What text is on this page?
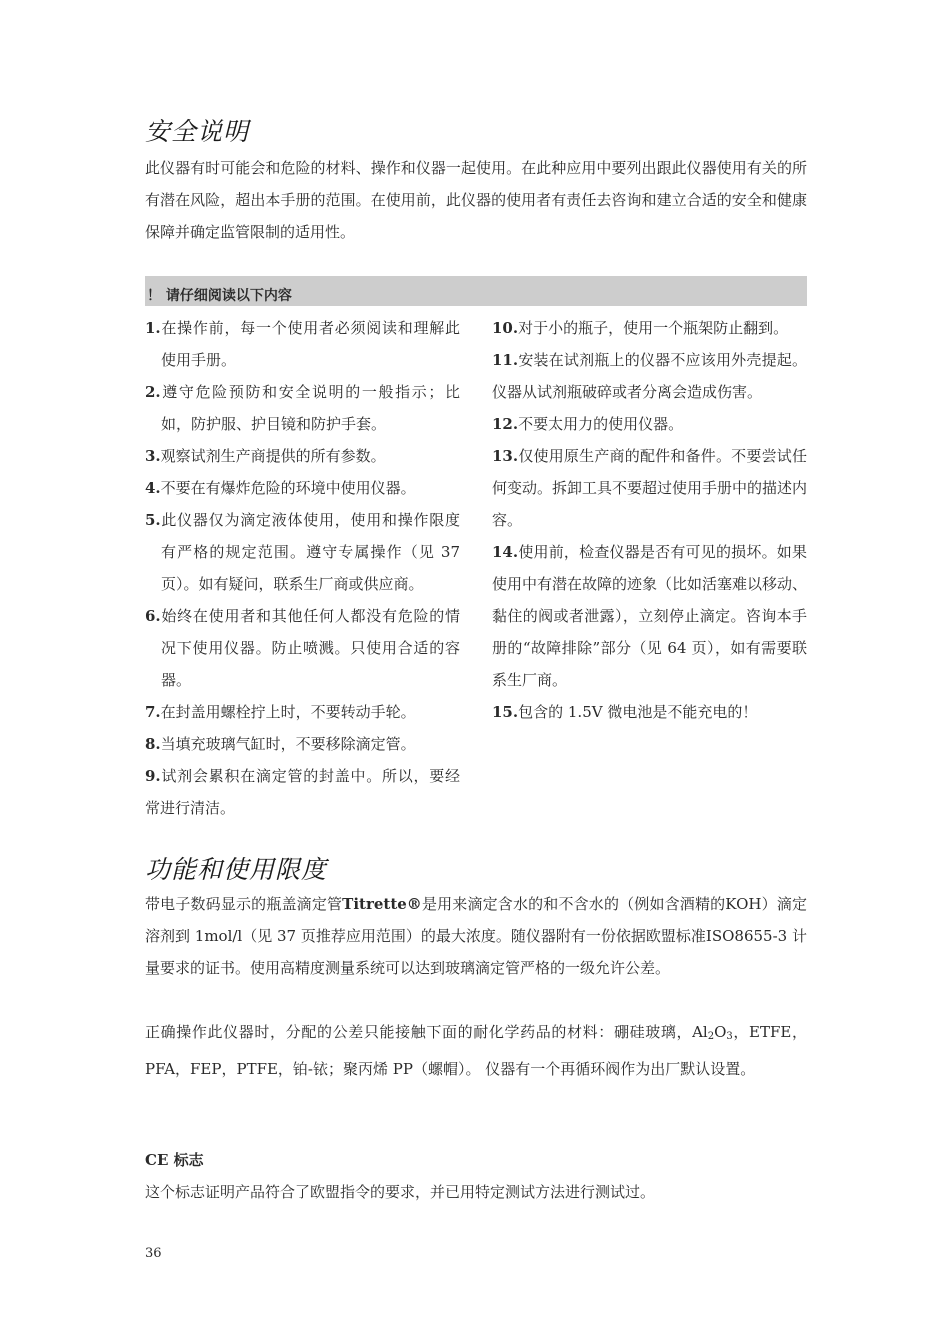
安全说明
此仪器有时可能会和危险的材料、操作和仪器一起使用。在此种应用中要列出跟此仪器使用有关的所有潜在风险，超出本手册的范围。在使用前，此仪器的使用者有责任去咨询和建立合适的安全和健康保障并确定监管限制的适用性。
！ 请仔细阅读以下内容
1.在操作前，每一个使用者必须阅读和理解此使用手册。
2.遵守危险预防和安全说明的一般指示；比如，防护服、护目镜和防护手套。
3.观察试剂生产商提供的所有参数。
4.不要在有爆炸危险的环境中使用仪器。
5.此仪器仅为滴定液体使用，使用和操作限度有严格的规定范围。遵守专属操作（见 37 页）。如有疑问，联系生厂商或供应商。
6.始终在使用者和其他任何人都没有危险的情况下使用仪器。防止喷溅。只使用合适的容器。
7.在封盖用螺栓拧上时，不要转动手轮。
8.当填充玻璃气缸时，不要移除滴定管。
9.试剂会累积在滴定管的封盖中。所以，要经常进行清洁。
10.对于小的瓶子，使用一个瓶架防止翻到。
11.安装在试剂瓶上的仪器不应该用外壳提起。仪器从试剂瓶破碎或者分离会造成伤害。
12.不要太用力的使用仪器。
13.仅使用原生产商的配件和备件。不要尝试任何变动。拆卸工具不要超过使用手册中的描述内容。
14.使用前，检查仪器是否有可见的损坏。如果使用中有潜在故障的迹象（比如活塞难以移动、黏住的阀或者泄露），立刻停止滴定。咨询本手册的“故障排除”部分（见 64 页），如有需要联系生厂商。
15.包含的 1.5V 微电池是不能充电的！
功能和使用限度
带电子数码显示的瓶盖滴定管Titrette®是用来滴定含水的和不含水的（例如含酒精的KOH）滴定溶剂到 1mol/l（见 37 页推荐应用范围）的最大浓度。随仪器附有一份依据欧盟标准ISO8655-3 计量要求的证书。使用高精度测量系统可以达到玻璃滴定管严格的一级允许公差。
正确操作此仪器时，分配的公差只能接触下面的耐化学药品的材料：硼硅玻璃，$Al_2O_3$，ETFE，PFA，FEP，PTFE，铂-铱；聚丙烯 PP（螺帽）。 仪器有一个再循环阀作为出厂默认设置。
CE 标志
这个标志证明产品符合了欧盟指令的要求，并已用特定测试方法进行测试过。
36
